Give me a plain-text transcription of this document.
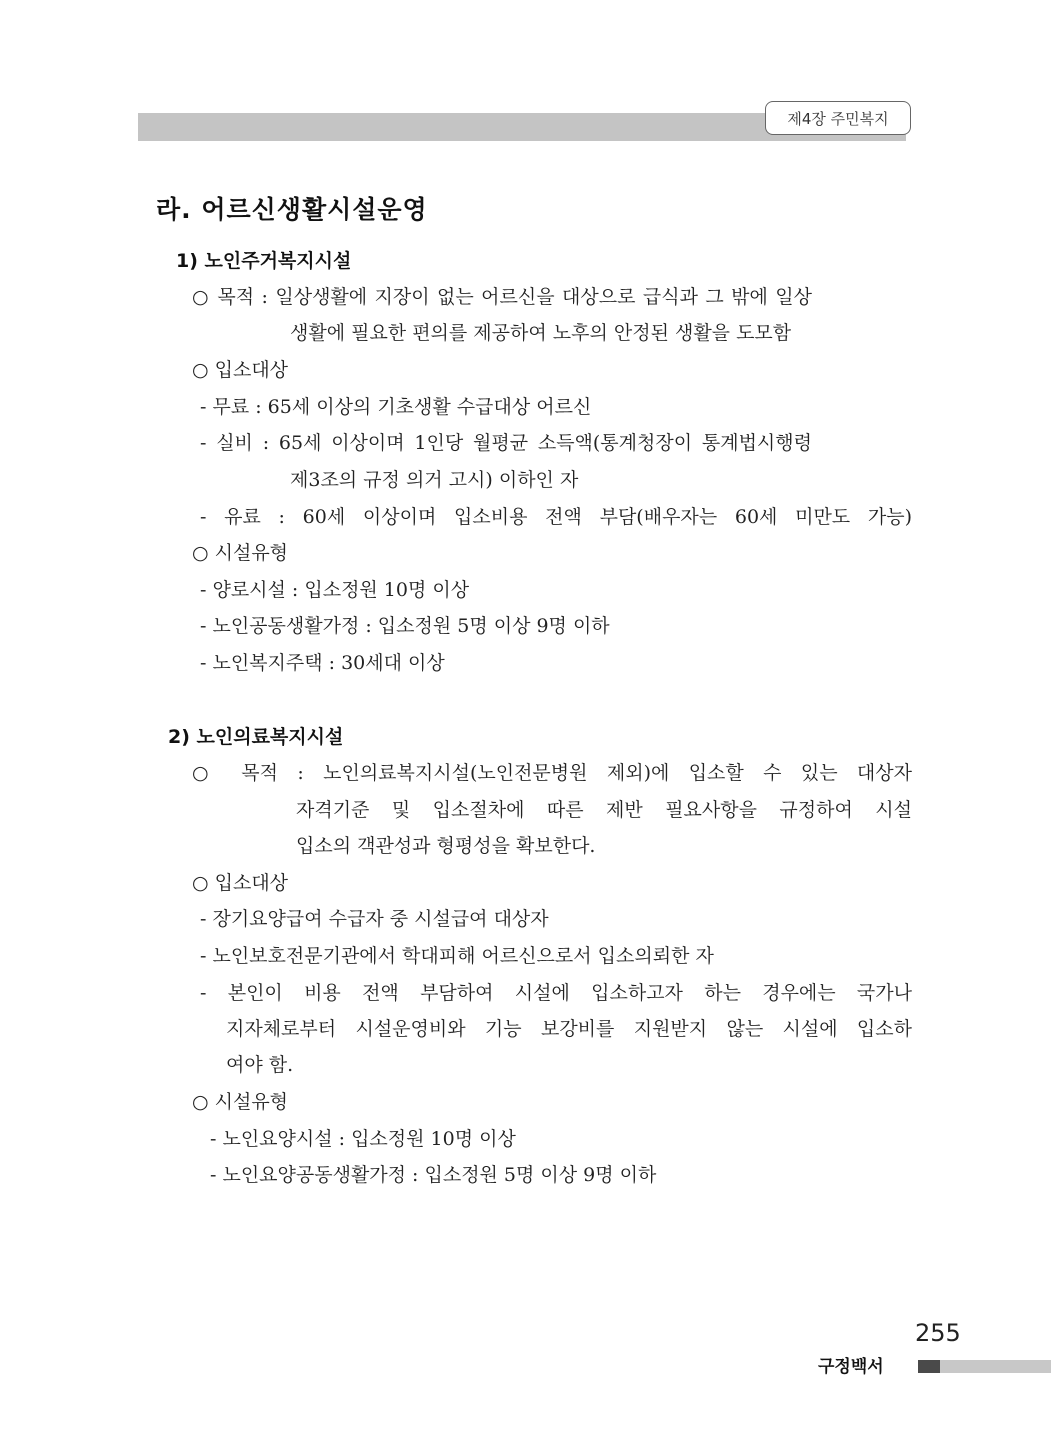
제4장 주민복지
라. 어르신생활시설운영
1) 노인주거복지시설
○ 목적 : 일상생활에 지장이 없는 어르신을 대상으로 급식과 그 밖에 일상
생활에 필요한 편의를 제공하여 노후의 안정된 생활을 도모함
○ 입소대상
- 무료 : 65세 이상의 기초생활 수급대상 어르신
- 실비 : 65세 이상이며 1인당 월평균 소득액(통계청장이 통계법시행령
제3조의 규정 의거 고시) 이하인 자
- 유료 : 60세 이상이며 입소비용 전액 부담(배우자는 60세 미만도 가능)
○ 시설유형
- 양로시설 : 입소정원 10명 이상
- 노인공동생활가정 : 입소정원 5명 이상 9명 이하
- 노인복지주택 : 30세대 이상
2) 노인의료복지시설
○ 목적 : 노인의료복지시설(노인전문병원 제외)에 입소할 수 있는 대상자
자격기준 및 입소절차에 따른 제반 필요사항을 규정하여 시설
입소의 객관성과 형평성을 확보한다.
○ 입소대상
- 장기요양급여 수급자 중 시설급여 대상자
- 노인보호전문기관에서 학대피해 어르신으로서 입소의뢰한 자
- 본인이 비용 전액 부담하여 시설에 입소하고자 하는 경우에는 국가나
지자체로부터 시설운영비와 기능 보강비를 지원받지 않는 시설에 입소하
여야 함.
○ 시설유형
- 노인요양시설 : 입소정원 10명 이상
- 노인요양공동생활가정 : 입소정원 5명 이상 9명 이하
255
구정백서
